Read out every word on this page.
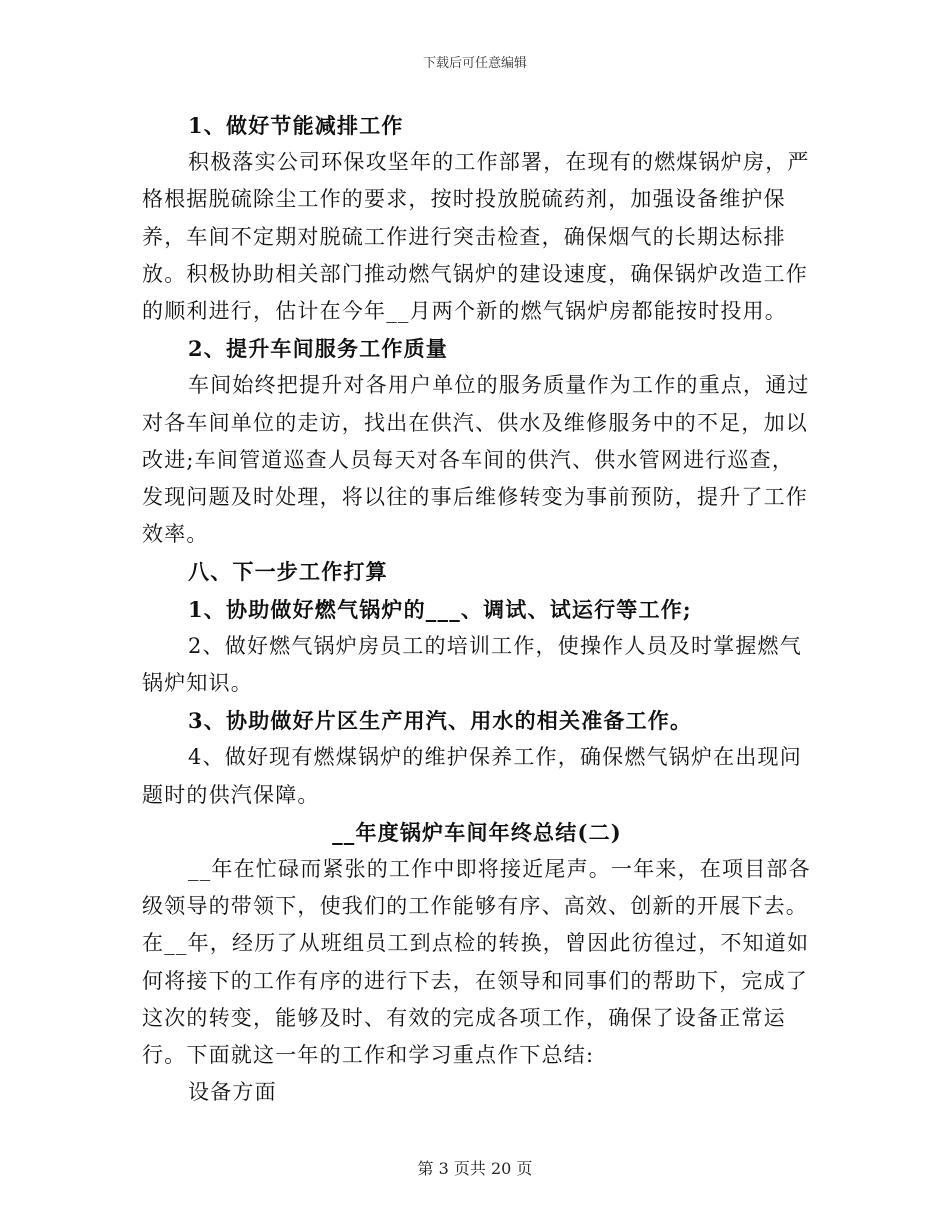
下载后可任意编辑

1、做好节能减排工作

积极落实公司环保攻坚年的工作部署，在现有的燃煤锅炉房，严格根据脱硫除尘工作的要求，按时投放脱硫药剂，加强设备维护保养，车间不定期对脱硫工作进行突击检查，确保烟气的长期达标排放。积极协助相关部门推动燃气锅炉的建设速度，确保锅炉改造工作的顺利进行，估计在今年__月两个新的燃气锅炉房都能按时投用。

2、提升车间服务工作质量

车间始终把提升对各用户单位的服务质量作为工作的重点，通过对各车间单位的走访，找出在供汽、供水及维修服务中的不足，加以改进;车间管道巡查人员每天对各车间的供汽、供水管网进行巡查，发现问题及时处理，将以往的事后维修转变为事前预防，提升了工作效率。

八、下一步工作打算

1、协助做好燃气锅炉的___、调试、试运行等工作;

2、做好燃气锅炉房员工的培训工作，使操作人员及时掌握燃气锅炉知识。

3、协助做好片区生产用汽、用水的相关准备工作。

4、做好现有燃煤锅炉的维护保养工作，确保燃气锅炉在出现问题时的供汽保障。

__年度锅炉车间年终总结(二)

__年在忙碌而紧张的工作中即将接近尾声。一年来，在项目部各级领导的带领下，使我们的工作能够有序、高效、创新的开展下去。

在__年，经历了从班组员工到点检的转换，曾因此彷徨过，不知道如何将接下的工作有序的进行下去，在领导和同事们的帮助下，完成了这次的转变，能够及时、有效的完成各项工作，确保了设备正常运行。下面就这一年的工作和学习重点作下总结:

设备方面

第 3 页共 20 页
